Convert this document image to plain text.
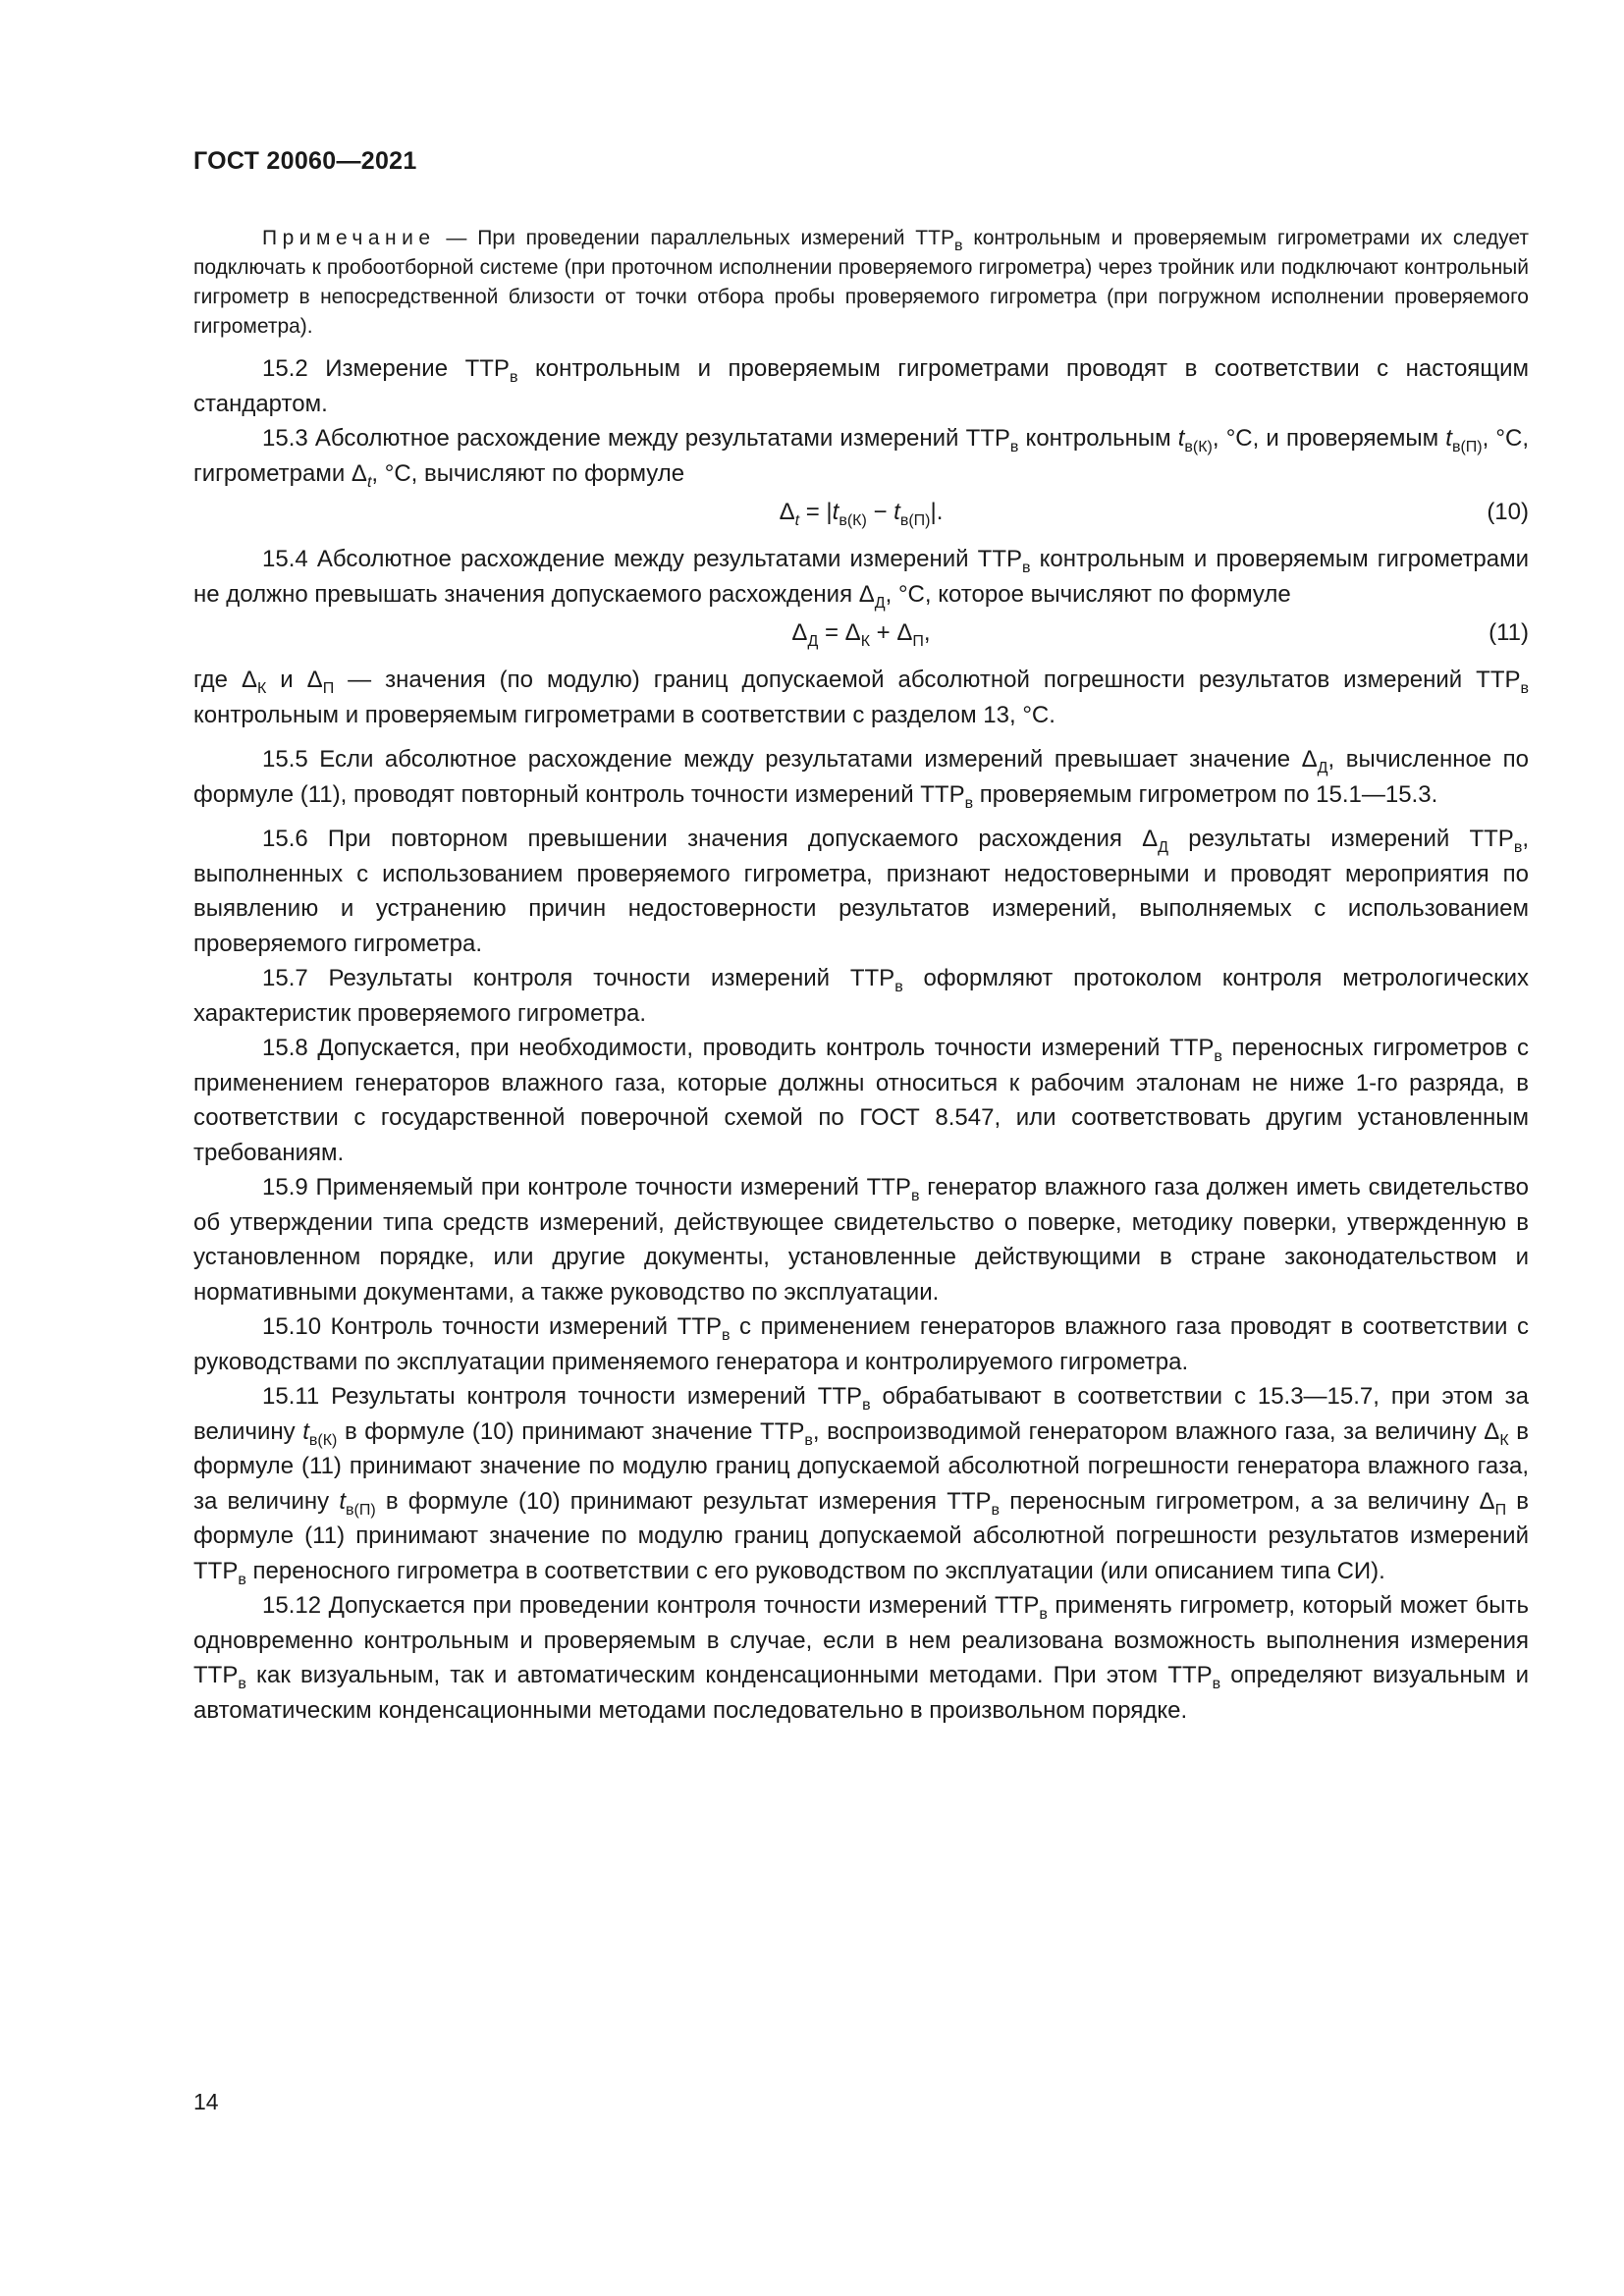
ГОСТ 20060—2021

Примечание — При проведении параллельных измерений $ТТР_в$ контрольным и проверяемым гигрометрами их следует подключать к пробоотборной системе (при проточном исполнении проверяемого гигрометра) через тройник или подключают контрольный гигрометр в непосредственной близости от точки отбора пробы проверяемого гигрометра (при погружном исполнении проверяемого гигрометра).

15.2 Измерение $ТТР_в$ контрольным и проверяемым гигрометрами проводят в соответствии с настоящим стандартом.

15.3 Абсолютное расхождение между результатами измерений $ТТР_в$ контрольным $t_{в(К)}$, °С, и проверяемым $t_{в(П)}$, °С, гигрометрами $\Delta_t$, °С, вычисляют по формуле

$\Delta_t = |t_{в(К)} - t_{в(П)}|$.	(10)

15.4 Абсолютное расхождение между результатами измерений $ТТР_в$ контрольным и проверяемым гигрометрами не должно превышать значения допускаемого расхождения $\Delta_Д$, °С, которое вычисляют по формуле

$\Delta_Д = \Delta_К + \Delta_П$,	(11)

где $\Delta_К$ и $\Delta_П$ — значения (по модулю) границ допускаемой абсолютной погрешности результатов измерений $ТТР_в$ контрольным и проверяемым гигрометрами в соответствии с разделом 13, °С.

15.5 Если абсолютное расхождение между результатами измерений превышает значение $\Delta_Д$, вычисленное по формуле (11), проводят повторный контроль точности измерений $ТТР_в$ проверяемым гигрометром по 15.1—15.3.

15.6 При повторном превышении значения допускаемого расхождения $\Delta_Д$ результаты измерений $ТТР_в$, выполненных с использованием проверяемого гигрометра, признают недостоверными и проводят мероприятия по выявлению и устранению причин недостоверности результатов измерений, выполняемых с использованием проверяемого гигрометра.

15.7 Результаты контроля точности измерений $ТТР_в$ оформляют протоколом контроля метрологических характеристик проверяемого гигрометра.

15.8 Допускается, при необходимости, проводить контроль точности измерений $ТТР_в$ переносных гигрометров с применением генераторов влажного газа, которые должны относиться к рабочим эталонам не ниже 1-го разряда, в соответствии с государственной поверочной схемой по ГОСТ 8.547, или соответствовать другим установленным требованиям.

15.9 Применяемый при контроле точности измерений $ТТР_в$ генератор влажного газа должен иметь свидетельство об утверждении типа средств измерений, действующее свидетельство о поверке, методику поверки, утвержденную в установленном порядке, или другие документы, установленные действующими в стране законодательством и нормативными документами, а также руководство по эксплуатации.

15.10 Контроль точности измерений $ТТР_в$ с применением генераторов влажного газа проводят в соответствии с руководствами по эксплуатации применяемого генератора и контролируемого гигрометра.

15.11 Результаты контроля точности измерений $ТТР_в$ обрабатывают в соответствии с 15.3—15.7, при этом за величину $t_{в(К)}$ в формуле (10) принимают значение $ТТР_в$, воспроизводимой генератором влажного газа, за величину $\Delta_К$ в формуле (11) принимают значение по модулю границ допускаемой абсолютной погрешности генератора влажного газа, за величину $t_{в(П)}$ в формуле (10) принимают результат измерения $ТТР_в$ переносным гигрометром, а за величину $\Delta_П$ в формуле (11) принимают значение по модулю границ допускаемой абсолютной погрешности результатов измерений $ТТР_в$ переносного гигрометра в соответствии с его руководством по эксплуатации (или описанием типа СИ).

15.12 Допускается при проведении контроля точности измерений $ТТР_в$ применять гигрометр, который может быть одновременно контрольным и проверяемым в случае, если в нем реализована возможность выполнения измерения $ТТР_в$ как визуальным, так и автоматическим конденсационными методами. При этом $ТТР_в$ определяют визуальным и автоматическим конденсационными методами последовательно в произвольном порядке.

14
